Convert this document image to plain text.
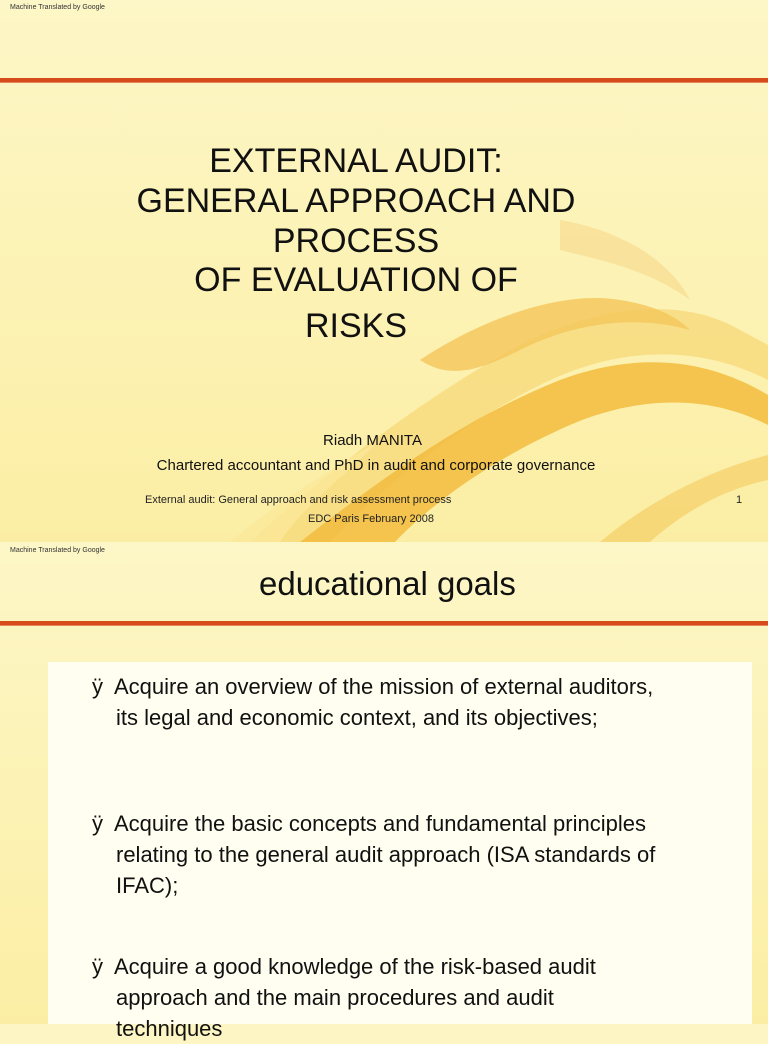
Machine Translated by Google
EXTERNAL AUDIT:
GENERAL APPROACH AND
PROCESS
OF EVALUATION OF
RISKS
Riadh MANITA
Chartered accountant and PhD in audit and corporate governance
External audit: General approach and risk assessment process
EDC Paris February 2008
1
Machine Translated by Google
educational goals
ÿ Acquire an overview of the mission of external auditors,
its legal and economic context, and its objectives;
ÿ Acquire the basic concepts and fundamental principles
relating to the general audit approach (ISA standards of
IFAC);
ÿ Acquire a good knowledge of the risk-based audit
approach and the main procedures and audit
techniques
